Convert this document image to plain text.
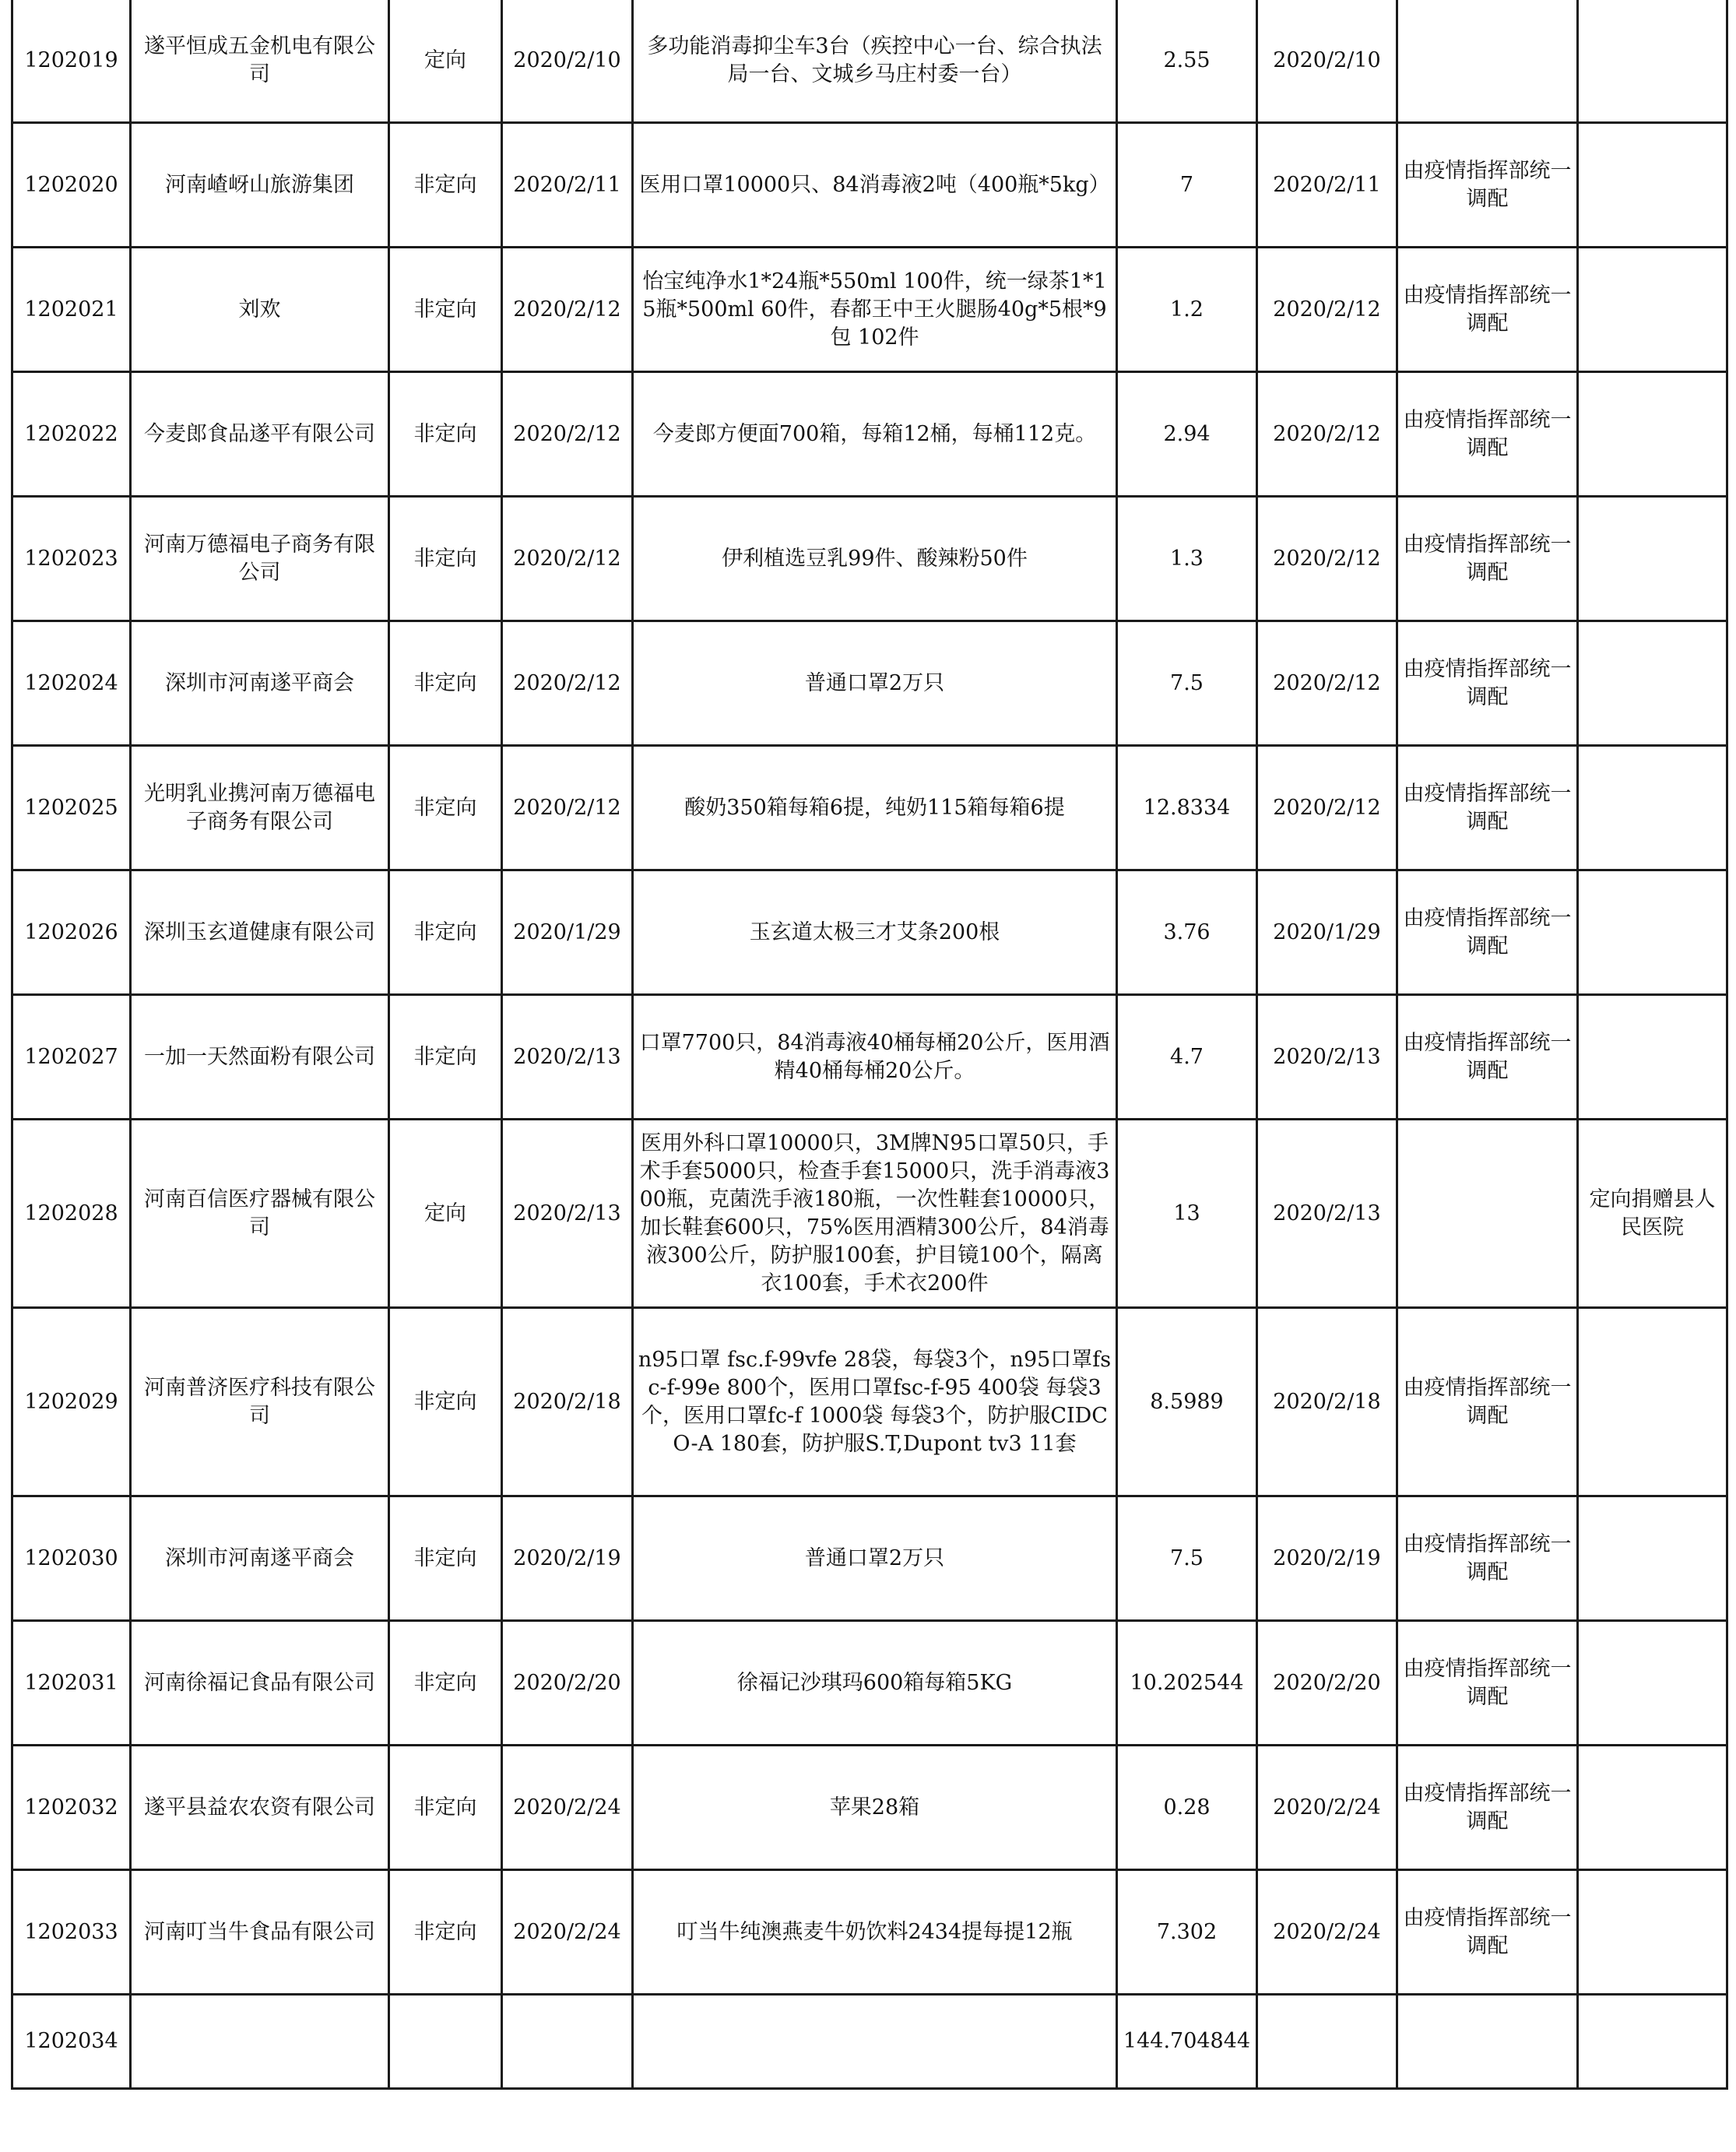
1202019	遂平恒成五金机电有限公司	定向	2020/2/10	多功能消毒抑尘车3台（疾控中心一台、综合执法局一台、文城乡马庄村委一台）	2.55	2020/2/10		
1202020	河南嵖岈山旅游集团	非定向	2020/2/11	医用口罩10000只、84消毒液2吨（400瓶*5kg）	7	2020/2/11	由疫情指挥部统一调配	
1202021	刘欢	非定向	2020/2/12	怡宝纯净水1*24瓶*550ml 100件，统一绿茶1*15瓶*500ml 60件，春都王中王火腿肠40g*5根*9包 102件	1.2	2020/2/12	由疫情指挥部统一调配	
1202022	今麦郎食品遂平有限公司	非定向	2020/2/12	今麦郎方便面700箱，每箱12桶，每桶112克。	2.94	2020/2/12	由疫情指挥部统一调配	
1202023	河南万德福电子商务有限公司	非定向	2020/2/12	伊利植选豆乳99件、酸辣粉50件	1.3	2020/2/12	由疫情指挥部统一调配	
1202024	深圳市河南遂平商会	非定向	2020/2/12	普通口罩2万只	7.5	2020/2/12	由疫情指挥部统一调配	
1202025	光明乳业携河南万德福电子商务有限公司	非定向	2020/2/12	酸奶350箱每箱6提，纯奶115箱每箱6提	12.8334	2020/2/12	由疫情指挥部统一调配	
1202026	深圳玉玄道健康有限公司	非定向	2020/1/29	玉玄道太极三才艾条200根	3.76	2020/1/29	由疫情指挥部统一调配	
1202027	一加一天然面粉有限公司	非定向	2020/2/13	口罩7700只，84消毒液40桶每桶20公斤，医用酒精40桶每桶20公斤。	4.7	2020/2/13	由疫情指挥部统一调配	
1202028	河南百信医疗器械有限公司	定向	2020/2/13	医用外科口罩10000只，3M牌N95口罩50只，手术手套5000只，检查手套15000只，洗手消毒液300瓶，克菌洗手液180瓶，一次性鞋套10000只，加长鞋套600只，75%医用酒精300公斤，84消毒液300公斤，防护服100套，护目镜100个，隔离衣100套，手术衣200件	13	2020/2/13		定向捐赠县人民医院
1202029	河南普济医疗科技有限公司	非定向	2020/2/18	n95口罩 fsc.f-99vfe 28袋，每袋3个，n95口罩fsc-f-99e 800个，医用口罩fsc-f-95 400袋 每袋3个，医用口罩fc-f 1000袋 每袋3个，防护服CIDCO-A 180套，防护服S.T,Dupont tv3 11套	8.5989	2020/2/18	由疫情指挥部统一调配	
1202030	深圳市河南遂平商会	非定向	2020/2/19	普通口罩2万只	7.5	2020/2/19	由疫情指挥部统一调配	
1202031	河南徐福记食品有限公司	非定向	2020/2/20	徐福记沙琪玛600箱每箱5KG	10.202544	2020/2/20	由疫情指挥部统一调配	
1202032	遂平县益农农资有限公司	非定向	2020/2/24	苹果28箱	0.28	2020/2/24	由疫情指挥部统一调配	
1202033	河南叮当牛食品有限公司	非定向	2020/2/24	叮当牛纯澳燕麦牛奶饮料2434提每提12瓶	7.302	2020/2/24	由疫情指挥部统一调配	
1202034					144.704844			
